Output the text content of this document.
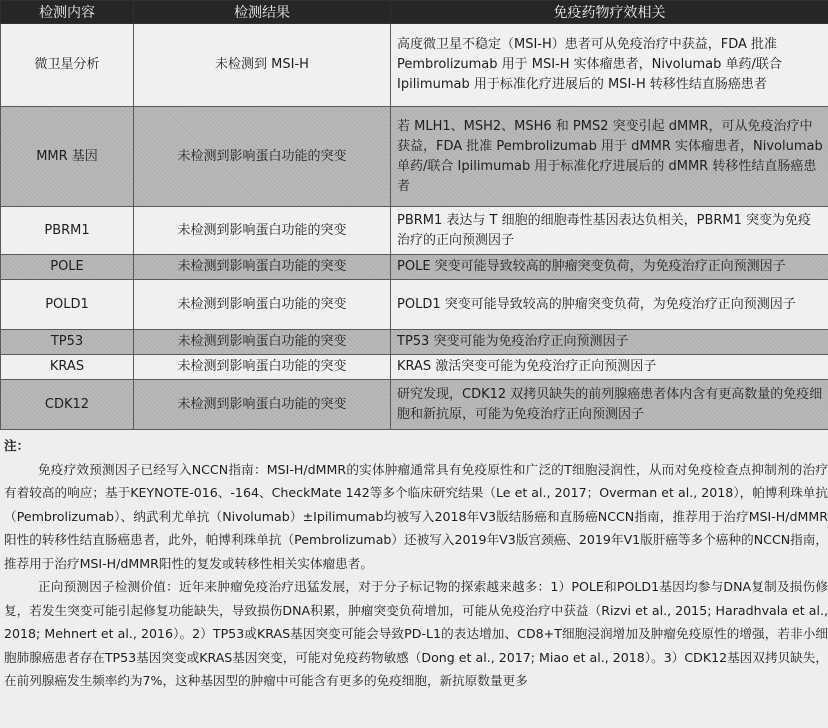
检测内容	检测结果	免疫药物疗效相关
微卫星分析	未检测到 MSI-H	高度微卫星不稳定（MSI-H）患者可从免疫治疗中获益，FDA 批准Pembrolizumab 用于 MSI-H 实体瘤患者，Nivolumab 单药/联合Ipilimumab 用于标准化疗进展后的 MSI-H 转移性结直肠癌患者
MMR 基因	未检测到影响蛋白功能的突变	若 MLH1、MSH2、MSH6 和 PMS2 突变引起 dMMR，可从免疫治疗中获益，FDA 批准 Pembrolizumab 用于 dMMR 实体瘤患者，Nivolumab 单药/联合 Ipilimumab 用于标准化疗进展后的 dMMR 转移性结直肠癌患者
PBRM1	未检测到影响蛋白功能的突变	PBRM1 表达与 T 细胞的细胞毒性基因表达负相关，PBRM1 突变为免疫治疗的正向预测因子
POLE	未检测到影响蛋白功能的突变	POLE 突变可能导致较高的肿瘤突变负荷，为免疫治疗正向预测因子
POLD1	未检测到影响蛋白功能的突变	POLD1 突变可能导致较高的肿瘤突变负荷，为免疫治疗正向预测因子
TP53	未检测到影响蛋白功能的突变	TP53 突变可能为免疫治疗正向预测因子
KRAS	未检测到影响蛋白功能的突变	KRAS 激活突变可能为免疫治疗正向预测因子
CDK12	未检测到影响蛋白功能的突变	研究发现，CDK12 双拷贝缺失的前列腺癌患者体内含有更高数量的免疫细胞和新抗原，可能为免疫治疗正向预测因子
注：

免疫疗效预测因子已经写入NCCN指南：MSI-H/dMMR的实体肿瘤通常具有免疫原性和广泛的T细胞浸润性，从而对免疫检查点抑制剂的治疗有着较高的响应；基于KEYNOTE-016、-164、CheckMate 142等多个临床研究结果（Le et al., 2017；Overman et al., 2018），帕博利珠单抗（Pembrolizumab）、纳武利尤单抗（Nivolumab）±Ipilimumab均被写入2018年V3版结肠癌和直肠癌NCCN指南，推荐用于治疗MSI-H/dMMR阳性的转移性结直肠癌患者，此外，帕博利珠单抗（Pembrolizumab）还被写入2019年V3版宫颈癌、2019年V1版肝癌等多个癌种的NCCN指南，推荐用于治疗MSI-H/dMMR阳性的复发或转移性相关实体瘤患者。

正向预测因子检测价值：近年来肿瘤免疫治疗迅猛发展，对于分子标记物的探索越来越多：1）POLE和POLD1基因均参与DNA复制及损伤修复，若发生突变可能引起修复功能缺失，导致损伤DNA积累，肿瘤突变负荷增加，可能从免疫治疗中获益（Rizvi et al., 2015; Haradhvala et al., 2018; Mehnert et al., 2016）。2）TP53或KRAS基因突变可能会导致PD-L1的表达增加、CD8+T细胞浸润增加及肿瘤免疫原性的增强，若非小细胞肺腺癌患者存在TP53基因突变或KRAS基因突变，可能对免疫药物敏感（Dong et al., 2017; Miao et al., 2018）。3）CDK12基因双拷贝缺失，在前列腺癌发生频率约为7%，这种基因型的肿瘤中可能含有更多的免疫细胞，新抗原数量更多
